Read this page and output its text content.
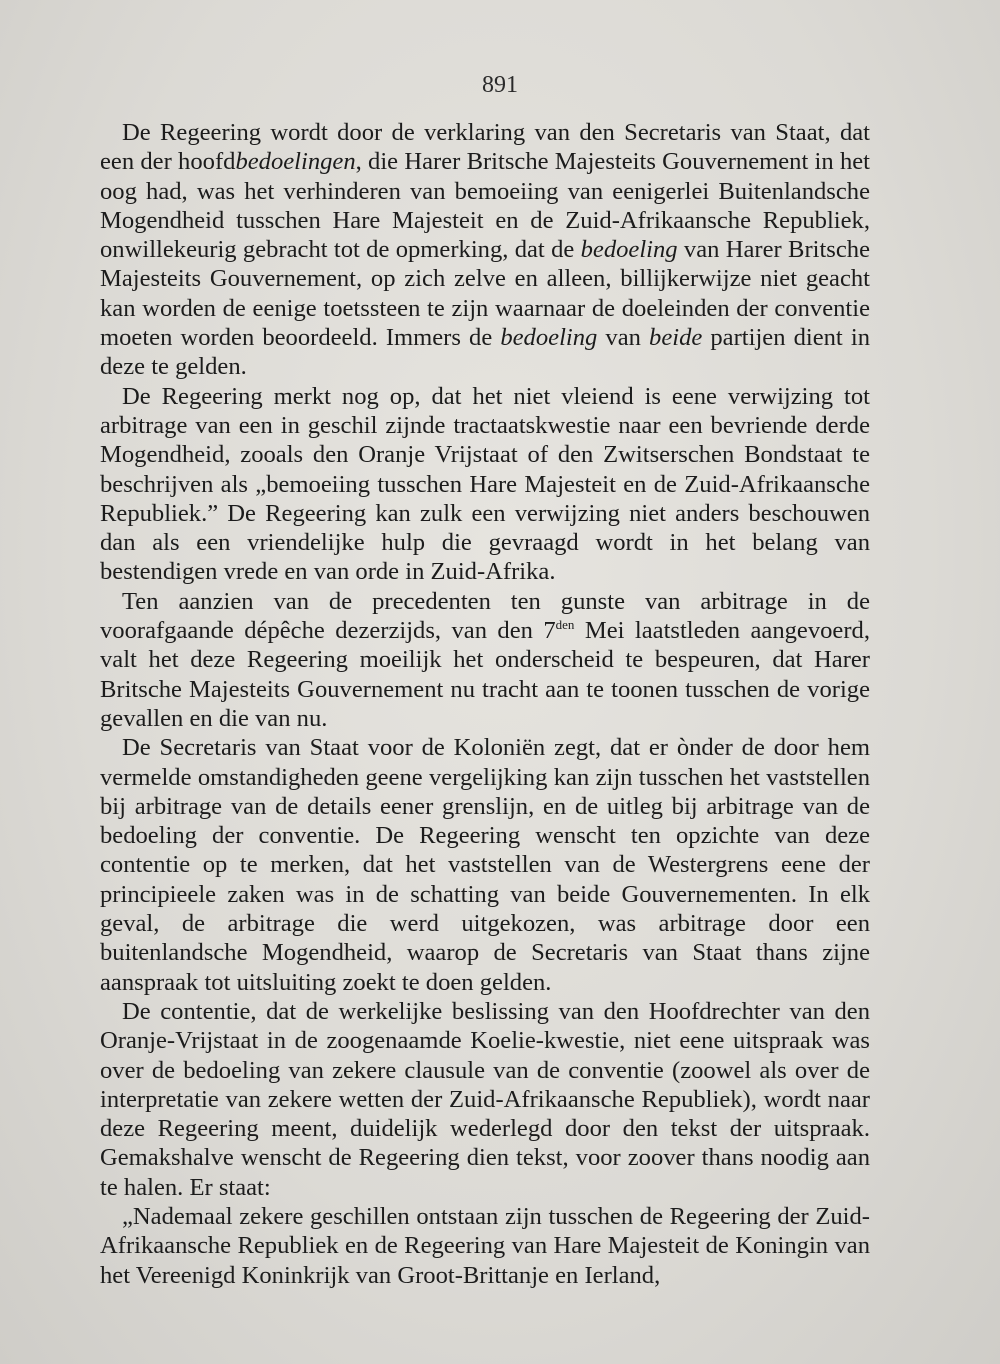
891

De Regeering wordt door de verklaring van den Secretaris van Staat, dat een der hoofdbedoelingen, die Harer Britsche Majesteits Gouvernement in het oog had, was het verhinderen van bemoeiing van eenigerlei Buitenlandsche Mogendheid tusschen Hare Majesteit en de Zuid-Afrikaansche Republiek, onwillekeurig gebracht tot de opmerking, dat de bedoeling van Harer Britsche Majesteits Gouvernement, op zich zelve en alleen, billijkerwijze niet geacht kan worden de eenige toetssteen te zijn waarnaar de doeleinden der conventie moeten worden beoordeeld. Immers de bedoeling van beide partijen dient in deze te gelden.

De Regeering merkt nog op, dat het niet vleiend is eene verwijzing tot arbitrage van een in geschil zijnde tractaatskwestie naar een bevriende derde Mogendheid, zooals den Oranje Vrijstaat of den Zwitserschen Bondstaat te beschrijven als „bemoeiing tusschen Hare Majesteit en de Zuid-Afrikaansche Republiek.” De Regeering kan zulk een verwijzing niet anders beschouwen dan als een vriendelijke hulp die gevraagd wordt in het belang van bestendigen vrede en van orde in Zuid-Afrika.

Ten aanzien van de precedenten ten gunste van arbitrage in de voorafgaande dépêche dezerzijds, van den $7^{den}$ Mei laatstleden aangevoerd, valt het deze Regeering moeilijk het onderscheid te bespeuren, dat Harer Britsche Majesteits Gouvernement nu tracht aan te toonen tusschen de vorige gevallen en die van nu.

De Secretaris van Staat voor de Koloniën zegt, dat er ònder de door hem vermelde omstandigheden geene vergelijking kan zijn tusschen het vaststellen bij arbitrage van de details eener grenslijn, en de uitleg bij arbitrage van de bedoeling der conventie. De Regeering wenscht ten opzichte van deze contentie op te merken, dat het vaststellen van de Westergrens eene der principieele zaken was in de schatting van beide Gouvernementen. In elk geval, de arbitrage die werd uitgekozen, was arbitrage door een buitenlandsche Mogendheid, waarop de Secretaris van Staat thans zijne aanspraak tot uitsluiting zoekt te doen gelden.

De contentie, dat de werkelijke beslissing van den Hoofdrechter van den Oranje-Vrijstaat in de zoogenaamde Koelie-kwestie, niet eene uitspraak was over de bedoeling van zekere clausule van de conventie (zoowel als over de interpretatie van zekere wetten der Zuid-Afrikaansche Republiek), wordt naar deze Regeering meent, duidelijk wederlegd door den tekst der uitspraak. Gemakshalve wenscht de Regeering dien tekst, voor zoover thans noodig aan te halen. Er staat:

„Nademaal zekere geschillen ontstaan zijn tusschen de Regeering der Zuid-Afrikaansche Republiek en de Regeering van Hare Majesteit de Koningin van het Vereenigd Koninkrijk van Groot-Brittanje en Ierland,
